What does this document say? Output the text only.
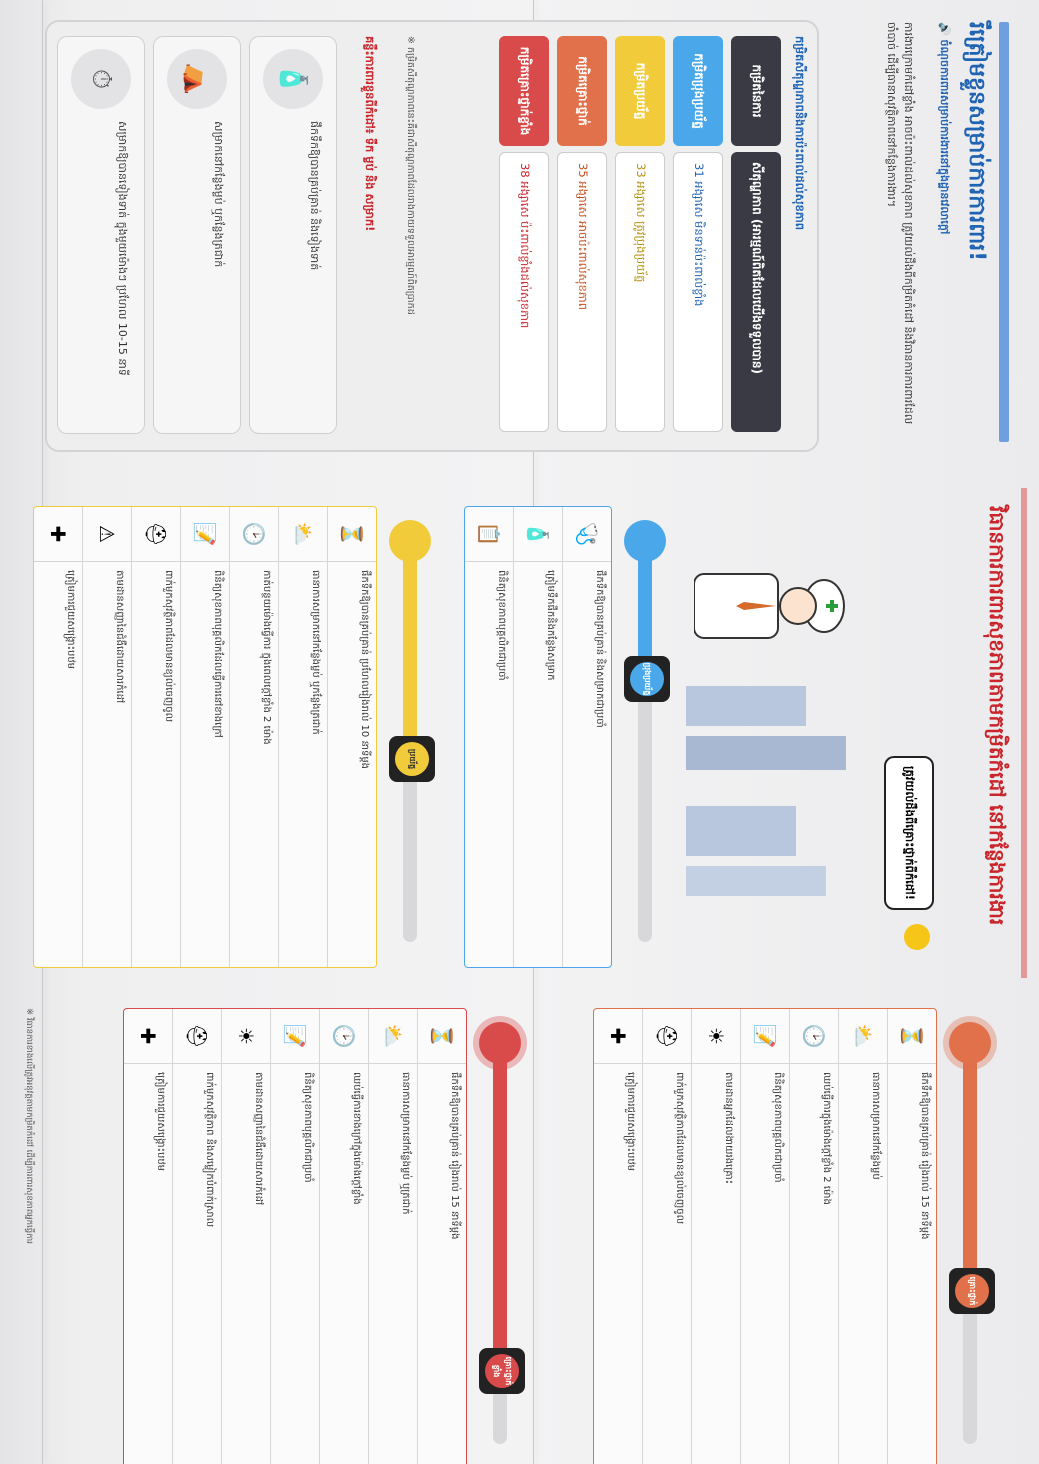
រឹត្រៀមខ្លួនសម្រាប់ការការពារ!
🔊 ចំណុចការពារសម្រាប់ការងារនៅក្នុងដ្ឋានវេលាក្តៅ
ការងារក្រោមកំដៅខ្លាំង អាចប៉ះពាល់ដល់សុខភាព ត្រូវយល់ដឹងពីកម្រិតកំដៅ និងវិធានការការពារដែលចាំបាច់ ដើម្បីធានាសុវត្ថិភាពនៅកន្លែងការងារ។
កម្រិតសីតុណ្ហភាពនិងការប៉ះពាល់ដល់សុខភាព
កម្រិតនៃការ
សីតុណ្ហភាព (អារម្មណ៍ពិតដែលយើងទទួលបាន)
កម្រិតប្រុងប្រយ័ត្ន
31 អង្សាសេ មិនទាន់ប៉ះពាល់ខ្លាំង
កម្រិតប្រយ័ត្ន
33 អង្សាសេ ត្រូវប្រុងប្រយ័ត្ន
កម្រិតគ្រោះថ្នាក់
35 អង្សាសេ អាចប៉ះពាល់សុខភាព
កម្រិតគ្រោះថ្នាក់ខ្លាំង
38 អង្សាសេ ប៉ះពាល់ខ្លាំងដល់សុខភាព
※ កម្រិតសីតុណ្ហភាពនេះគឺជាសីតុណ្ហភាពដែលរាងកាយទទួលអារម្មណ៍ពិតប្រាកដ
គន្លឹះការពារខ្លួនពីកំដៅ៖ ទឹក ម្លប់ និង សម្រាក!
🧴
ផឹកទឹកឱ្យបានគ្រប់គ្រាន់ និងទៀងទាត់
⛺
សម្រាកនៅកន្លែងម្លប់ ឬកន្លែងត្រជាក់
⏱
សម្រាកឱ្យបានទៀងទាត់ ក្នុងមួយម៉ោងៗ ប្រហែល 10-15 នាទី
វិធានការការពារសុខភាពតាមកម្រិតកំដៅ នៅកន្លែងការងារ
ត្រូវយល់ដឹងពីគ្រោះថ្នាក់ពីកំដៅ!
ប្រុងប្រយ័ត្ន
🩺
ផឹកទឹកឱ្យបានគ្រប់គ្រាន់ និងសម្រាកជាប្រចាំ
🧴
ត្រៀមទឹកផឹកនិងកន្លែងសម្រាក
📋
ពិនិត្យសុខភាពបុគ្គលិកជាប្រចាំ
ប្រយ័ត្ន
⏳
ផឹកទឹកឱ្យបានគ្រប់គ្រាន់ ប្រហែលរៀងរាល់ 10 នាទីម្តង
⛅
ធានាការសម្រាកនៅកន្លែងម្លប់ ឬកន្លែងត្រជាក់
🕑
កាត់បន្ថយម៉ោងធ្វើការ ក្នុងពេលក្តៅខ្លាំង 2 ម៉ោង
📝
ពិនិត្យសុខភាពបុគ្គលិកដែលធ្វើការនៅខាងក្រៅ
⛑
ពាក់មួកសុវត្ថិភាពដែលមានខ្យល់ចេញចូល
⚠
តាមដានសញ្ញានៃជំងឺដោយសារកំដៅ
✚
ត្រៀមការជួយសង្គ្រោះបឋម
គ្រោះថ្នាក់
⏳
ផឹកទឹកឱ្យបានគ្រប់គ្រាន់ រៀងរាល់ 15 នាទីម្តង
⛅
ធានាការសម្រាកនៅកន្លែងម្លប់
🕑
ឈប់ធ្វើការក្នុងម៉ោងក្តៅខ្លាំង 2 ម៉ោង
📝
ពិនិត្យសុខភាពបុគ្គលិកជាប្រចាំ
☀
តាមដានអ្នកដែលងាយរងគ្រោះ
⛑
ពាក់មួកសុវត្ថិភាពដែលមានខ្យល់ចេញចូល
✚
ត្រៀមការជួយសង្គ្រោះបឋម
គ្រោះថ្នាក់ខ្លាំង
⏳
ផឹកទឹកឱ្យបានគ្រប់គ្រាន់ រៀងរាល់ 15 នាទីម្តង
⛅
ធានាការសម្រាកនៅកន្លែងម្លប់ ឬត្រជាក់
🕑
ឈប់ធ្វើការខាងក្រៅក្នុងម៉ោងក្តៅខ្លាំង
📝
ពិនិត្យសុខភាពបុគ្គលិកជាប្រចាំ
☀
តាមដានសញ្ញានៃជំងឺដោយសារកំដៅ
⛑
ពាក់មួកសុវត្ថិភាព និងសម្លៀកបំពាក់ស្រាល
✚
ត្រៀមការជួយសង្គ្រោះបឋម
※ វិធានការខាងលើត្រូវអនុវត្តតាមកម្រិតកំដៅ ដើម្បីការពារសុខភាពអ្នកធ្វើការ
